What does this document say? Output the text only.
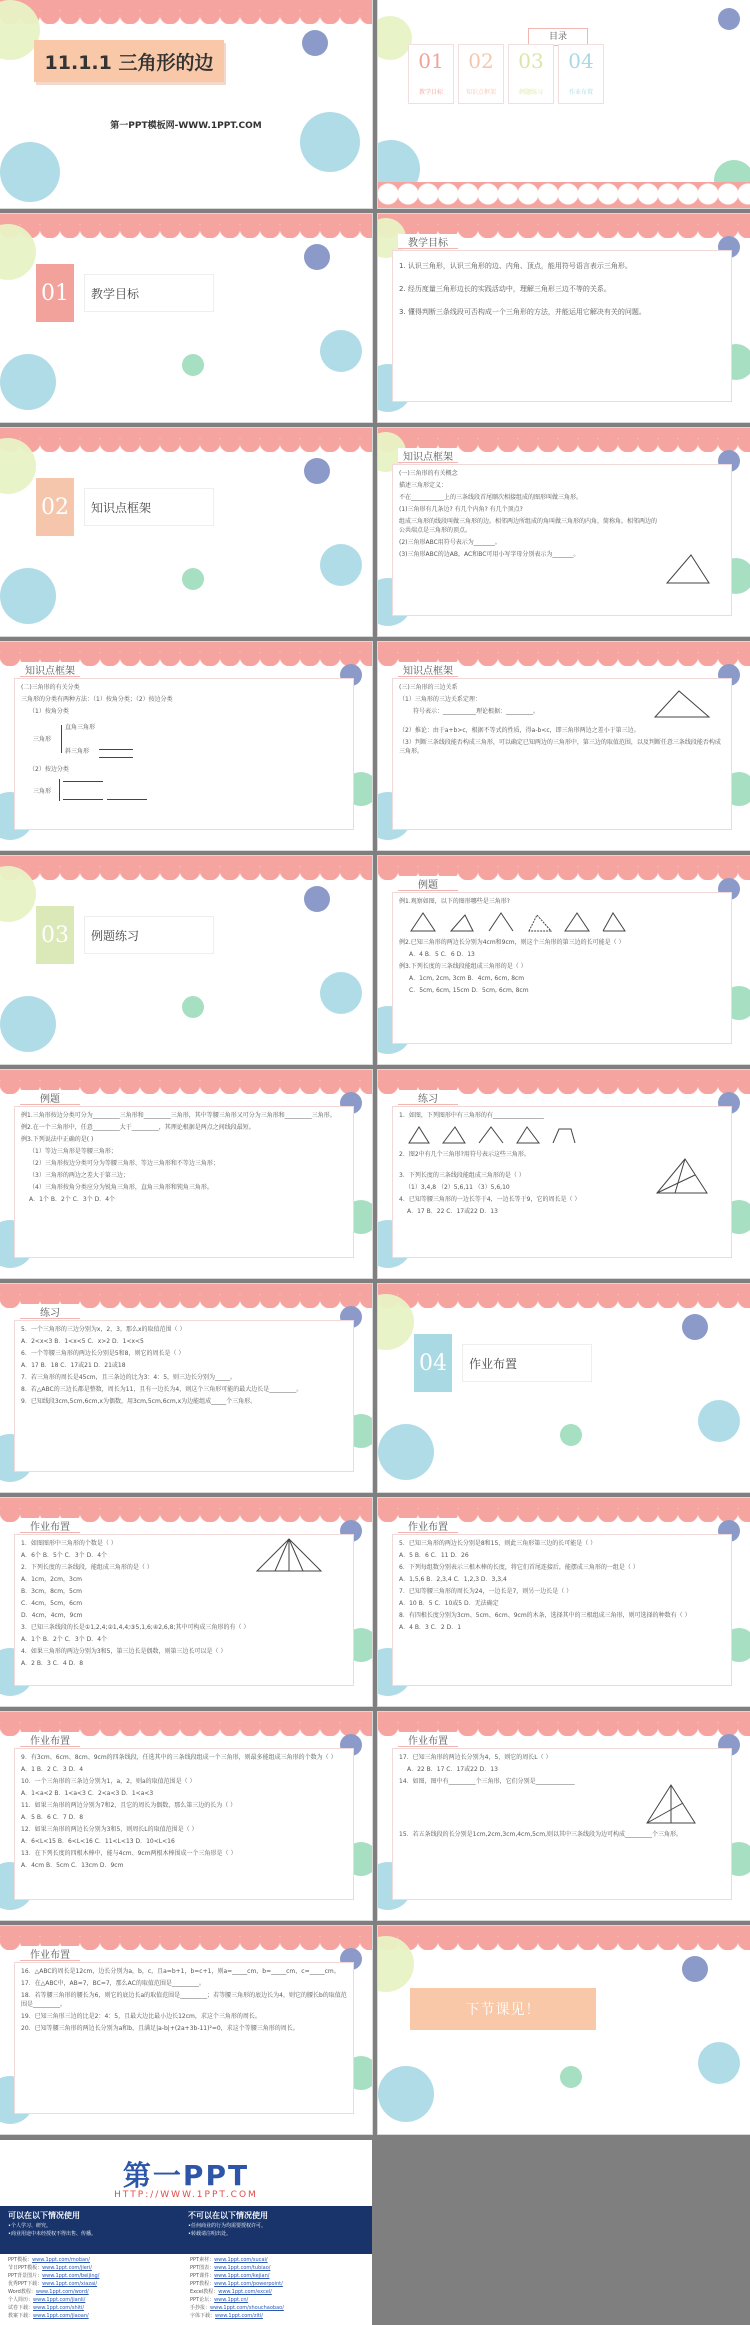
11.1.1 三角形的边
第一PPT模板网-WWW.1PPT.COM
目录
01
教学目标
02
知识点框架
03
例题练习
04
作业布置
01	教学目标
教学目标

1. 认识三角形，认识三角形的边、内角、顶点，能用符号语言表示三角形。

2. 经历度量三角形边长的实践活动中，理解三角形三边不等的关系。

3. 懂得判断三条线段可否构成一个三角形的方法，并能运用它解决有关的问题。

02	知识点框架
知识点框架

(一)三角形的有关概念

描述三角形定义：

不在___________上的三条线段首尾顺次相接组成的图形叫做三角形。

(1)三角形有几条边? 有几个内角? 有几个顶点?

组成三角形的线段叫做三角形的边。相邻两边所组成的角叫做三角形的内角，简称角。相邻两边的公共端点是三角形的顶点。

(2)三角形ABC用符号表示为_______。

(3)三角形ABC的边AB，AC和BC可用小写字母分别表示为_______。

知识点框架

(二)三角形的有关分类

三角形的分类有两种方法：（1）按角分类；（2）按边分类

（1）按角分类

直角三角形
三角形
斜三角形

（2）按边分类

三角形
知识点框架

(三)三角形的三边关系

（1）三角形的三边关系定理：

符号表示：___________理论根据：_________。

（2）推论：由于a+b>c，根据不等式的性质，得a-b<c，即三角形两边之差小于第三边。

（3）判断三条线段能否构成三角形，可以确定已知两边的三角形中，第三边的取值范围，以及判断任意三条线段能否构成三角形。

03	例题练习
例题

例1.观察如图，以下的图形哪些是三角形?

例2.已知三角形的两边长分别为4cm和9cm，则这个三角形的第三边的长可能是（ ）

A．4 B．5 C．6 D．13

例3.下列长度的三条线段能组成三角形的是（ ）

A．1cm, 2cm, 3cm B．4cm, 6cm, 8cm

C．5cm, 6cm, 15cm D．5cm, 6cm, 8cm

例题

例1.三角形按边分类可分为_________三角形和_________三角形，其中等腰三角形又可分为三角形和_________三角形。

例2.在一个三角形中，任意_________大于_________，其理论根据是两点之间线段最短。

例3.下列说法中正确的是( )

（1）等边三角形是等腰三角形；

（2）三角形按边分类可分为等腰三角形、等边三角形和不等边三角形；

（3）三角形的两边之差大于第三边；

（4）三角形按角分类应分为锐角三角形，直角三角形和钝角三角形。

A．1个 B．2个 C．3个 D．4个

练习

1．如图，下列图形中有三角形的有_________________

2．图2中有几个三角形?用符号表示这些三角形。

3．下列长度的三条线段能组成三角形的是（ ）

（1）3,4,8 （2）5,6,11 （3）5,6,10

4．已知等腰三角形的一边长等于4，一边长等于9，它的周长是（ ）

A．17 B．22 C．17或22 D．13

练习

5．一个三角形的三边分别为x，2，3，那么x的取值范围（ ）

A．2<x<3 B．1<x<5 C．x>2 D．1<x<5

6．一个等腰三角形的两边长分别是5和8，则它的周长是（ ）

A．17 B．18 C．17或21 D．21或18

7．若三角形的周长是45cm，且三条边的比为3：4：5，则三边长分别为_____。

8．若△ABC的三边长都是整数，周长为11，且有一边长为4，则这个三角形可能的最大边长是_________。

9．已知线段3cm,5cm,6cm,x为偶数，用3cm,5cm,6cm,x为边能组成_____个三角形。

04	作业布置
作业布置

1．如图图形中三角形的个数是（ ）

A．6个 B．5个 C．3个 D．4个

2．下列长度的三条线段，能组成三角形的是（ ）

A．1cm，2cm，3cm

B．3cm，8cm，5cm

C．4cm，5cm，6cm

D．4cm，4cm，9cm

3．已知三条线段的长是①1,2,4;②1,4,4;③5,1,6;④2,6,8;其中可构成三角形的有（ ）

A．1个 B．2个 C．3个 D．4个

4．如果三角形的两边分别为3和5，第三边长是偶数，则第三边长可以是（ ）

A．2 B．3 C．4 D．8

作业布置

5．已知三角形的两边长分别是8和15，则此三角形第三边的长可能是（ ）

A．5 B．6 C．11 D．26

6．下列每组数分别表示三根木棒的长度，将它们首尾连接后，能摆成三角形的一组是（ ）

A．1,5,6 B．2,3,4 C．1,2,3 D．3,3,4

7．已知等腰三角形的周长为24，一边长是7，则另一边长是（ ）

A．10 B．5 C．10或5 D．无法确定

8．有四根长度分别为3cm、5cm、6cm、9cm的木条，选择其中的三根组成三角形，则可选择的种数有（ ）

A．4 B．3 C．2 D．1

作业布置

9．有3cm、6cm、8cm、9cm的四条线段，任选其中的三条线段组成一个三角形，则最多能组成三角形的个数为（ ）

A．1 B．2 C．3 D．4

10．一个三角形的三条边分别为1，a，2，则a的取值范围是（ ）

A．1<a<2 B．1<a<3 C．2<a<3 D．1<a<3

11．如果三角形的两边分别为7和2，且它的周长为偶数，那么第三边的长为（ ）

A．5 B．6 C．7 D．8

12．如果三角形的两边长分别为3和5，则周长L的取值范围是（ ）

A．6<L<15 B．6<L<16 C．11<L<13 D．10<L<16

13．在下列长度的四根木棒中，能与4cm、9cm两根木棒围成一个三角形是（ ）

A．4cm B．5cm C．13cm D．9cm

作业布置

17．已知三角形的两边长分别为4，5，则它的周长L（ ）

A．22 B．17 C．17或22 D．13

14．如图，图中有_________个三角形，它们分别是_____________

15．若五条线段的长分别是1cm,2cm,3cm,4cm,5cm,则以其中三条线段为边可构成_________个三角形。

作业布置

16．△ABC的周长是12cm，边长分别为a，b，c，且a=b+1，b=c+1，则a=_____cm，b=_____cm，c=_____cm。

17．在△ABC中，AB=7，BC=7，那么AC的取值范围是_________。

18．若等腰三角形的腰长为6，则它的底边长a的取值范围是_________；若等腰三角形的底边长为4，则它的腰长b的取值范围是_________。

19．已知三角形三边的比是2：4：5，且最大边比最小边长12cm，求这个三角形的周长。

20．已知等腰三角形的两边长分别为a和b，且满足|a-b|+(2a+3b-11)²=0，求这个等腰三角形的周长。

下节课见！
第一PPT
HTTP://WWW.1PPT.COM
可以在以下情况使用
•个人学习、研究。
•商业用途中未经授权不得出售、传播。
不可以在以下情况使用
•任何商业的行为均需要授权许可。
•转载请注明出处。
PPT模板：www.1ppt.com/moban/
节日PPT模板：www.1ppt.com/jieri/
PPT背景图片：www.1ppt.com/beijing/
优秀PPT下载：www.1ppt.com/xiazai/
Word教程：www.1ppt.com/word/
个人简历：www.1ppt.com/jianli/
试卷下载：www.1ppt.com/shiti/
教案下载：www.1ppt.com/jiaoan/
PPT素材：www.1ppt.com/sucai/
PPT图表：www.1ppt.com/tubiao/
PPT课件：www.1ppt.com/kejian/
PPT教程：www.1ppt.com/powerpoint/
Excel教程：www.1ppt.com/excel/
PPT论坛：www.1ppt.cn/
手抄报：www.1ppt.com/shouchaobao/
字体下载：www.1ppt.com/ziti/
